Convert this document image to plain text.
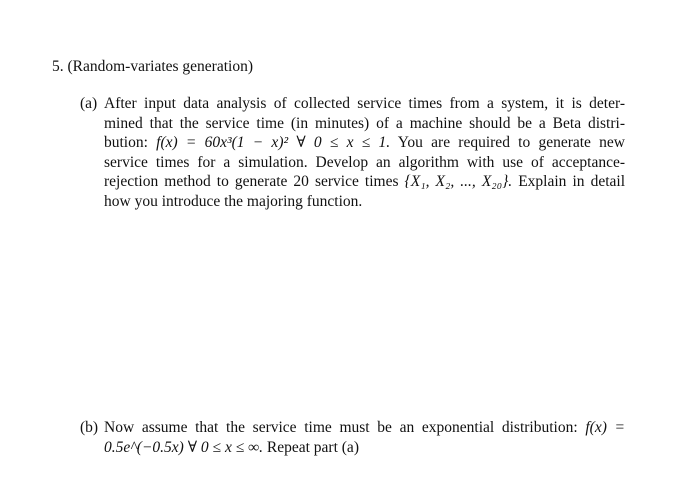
5. (Random-variates generation)
(a) After input data analysis of collected service times from a system, it is deter-
mined that the service time (in minutes) of a machine should be a Beta distri-
bution: f(x) = 60x³(1 − x)² ∀ 0 ≤ x ≤ 1. You are required to generate new
service times for a simulation. Develop an algorithm with use of acceptance-
rejection method to generate 20 service times {X₁, X₂, ..., X₂₀}. Explain in detail
how you introduce the majoring function.
(b) Now assume that the service time must be an exponential distribution: f(x) =
0.5e^(−0.5x) ∀ 0 ≤ x ≤ ∞. Repeat part (a)
